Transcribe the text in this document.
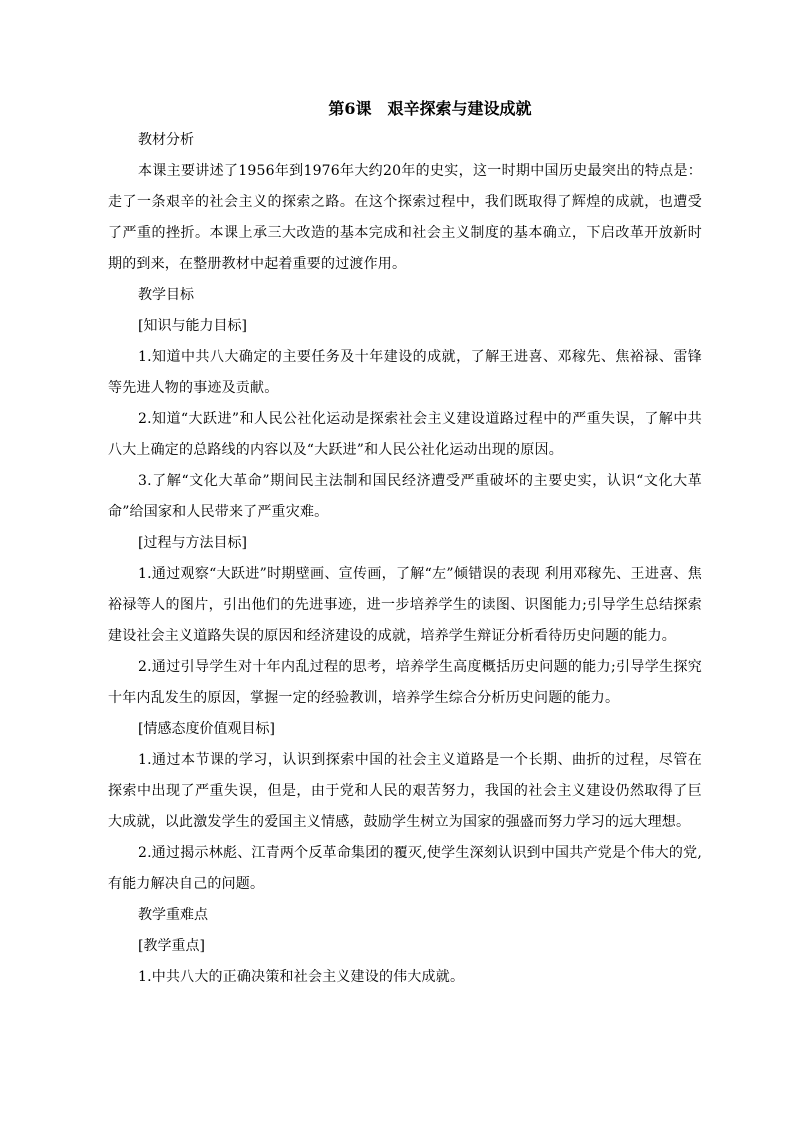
第6课　艰辛探索与建设成就

教材分析

本课主要讲述了1956年到1976年大约20年的史实，这一时期中国历史最突出的特点是：走了一条艰辛的社会主义的探索之路。在这个探索过程中，我们既取得了辉煌的成就，也遭受了严重的挫折。本课上承三大改造的基本完成和社会主义制度的基本确立，下启改革开放新时期的到来，在整册教材中起着重要的过渡作用。

教学目标

[知识与能力目标]

1.知道中共八大确定的主要任务及十年建设的成就，了解王进喜、邓稼先、焦裕禄、雷锋等先进人物的事迹及贡献。

2.知道“大跃进”和人民公社化运动是探索社会主义建设道路过程中的严重失误，了解中共八大上确定的总路线的内容以及“大跃进”和人民公社化运动出现的原因。

3.了解“文化大革命”期间民主法制和国民经济遭受严重破坏的主要史实，认识“文化大革命”给国家和人民带来了严重灾难。

[过程与方法目标]

1.通过观察“大跃进”时期壁画、宣传画，了解“左”倾错误的表现 利用邓稼先、王进喜、焦裕禄等人的图片，引出他们的先进事迹，进一步培养学生的读图、识图能力;引导学生总结探索建设社会主义道路失误的原因和经济建设的成就，培养学生辩证分析看待历史问题的能力。

2.通过引导学生对十年内乱过程的思考，培养学生高度概括历史问题的能力;引导学生探究十年内乱发生的原因，掌握一定的经验教训，培养学生综合分析历史问题的能力。

[情感态度价值观目标]

1.通过本节课的学习，认识到探索中国的社会主义道路是一个长期、曲折的过程，尽管在探索中出现了严重失误，但是，由于党和人民的艰苦努力，我国的社会主义建设仍然取得了巨大成就，以此激发学生的爱国主义情感，鼓励学生树立为国家的强盛而努力学习的远大理想。

2.通过揭示林彪、江青两个反革命集团的覆灭,使学生深刻认识到中国共产党是个伟大的党,有能力解决自己的问题。

教学重难点

[教学重点]

1.中共八大的正确决策和社会主义建设的伟大成就。
